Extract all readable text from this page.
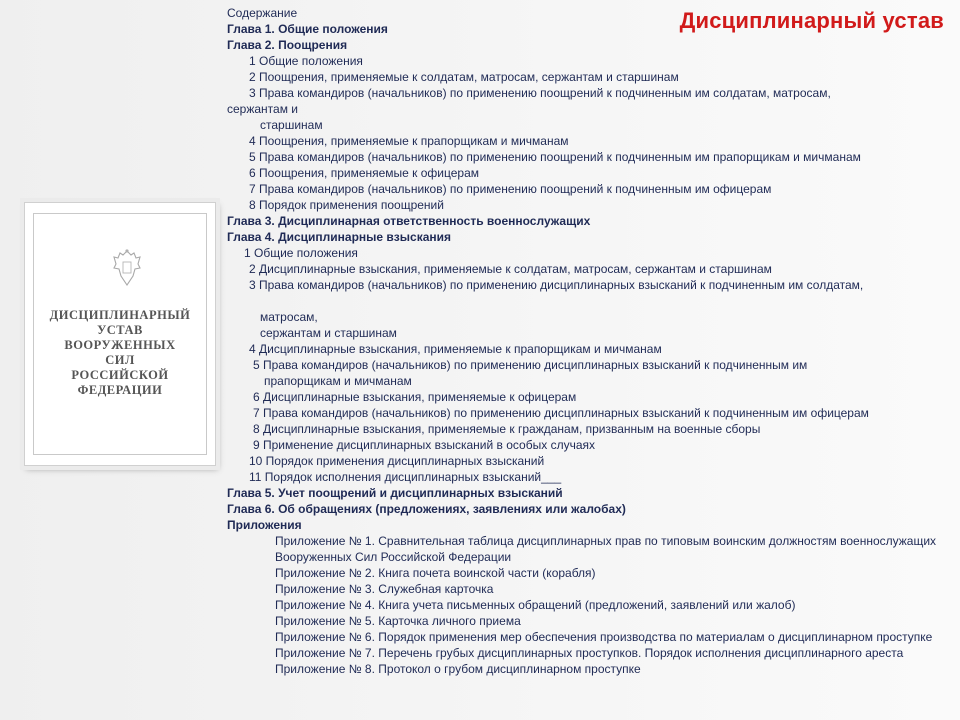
Дисциплинарный устав
ДИСЦИПЛИНАРНЫЙ
УСТАВ
ВООРУЖЕННЫХ
СИЛ
РОССИЙСКОЙ
ФЕДЕРАЦИИ
Содержание
Глава 1. Общие положения
Глава 2. Поощрения
1 Общие положения
2 Поощрения, применяемые к солдатам, матросам, сержантам и старшинам
3 Права командиров (начальников) по применению поощрений к подчиненным им солдатам, матросам,
сержантам и
старшинам
4 Поощрения, применяемые к прапорщикам и мичманам
5 Права командиров (начальников) по применению поощрений к подчиненным им прапорщикам и мичманам
6 Поощрения, применяемые к офицерам
7 Права командиров (начальников) по применению поощрений к подчиненным им офицерам
8 Порядок применения поощрений
Глава 3. Дисциплинарная ответственность военнослужащих
Глава 4. Дисциплинарные взыскания
1 Общие положения
2 Дисциплинарные взыскания, применяемые к солдатам, матросам, сержантам и старшинам
3 Права командиров (начальников) по применению дисциплинарных взысканий к подчиненным им солдатам,
матросам,
сержантам и старшинам
4 Дисциплинарные взыскания, применяемые к прапорщикам и мичманам
5 Права командиров (начальников) по применению дисциплинарных взысканий к подчиненным им
прапорщикам и мичманам
6 Дисциплинарные взыскания, применяемые к офицерам
7 Права командиров (начальников) по применению дисциплинарных взысканий к подчиненным им офицерам
8 Дисциплинарные взыскания, применяемые к гражданам, призванным на военные сборы
9 Применение дисциплинарных взысканий в особых случаях
10 Порядок применения дисциплинарных взысканий
11 Порядок исполнения дисциплинарных взысканий___
Глава 5. Учет поощрений и дисциплинарных взысканий
Глава 6. Об обращениях (предложениях, заявлениях или жалобах)
Приложения
Приложение № 1. Сравнительная таблица дисциплинарных прав по типовым воинским должностям военнослужащих Вооруженных Сил Российской Федерации
Приложение № 2. Книга почета воинской части (корабля)
Приложение № 3. Служебная карточка
Приложение № 4. Книга учета письменных обращений (предложений, заявлений или жалоб)
Приложение № 5. Карточка личного приема
Приложение № 6. Порядок применения мер обеспечения производства по материалам о дисциплинарном проступке
Приложение № 7. Перечень грубых дисциплинарных проступков. Порядок исполнения дисциплинарного ареста
Приложение № 8. Протокол о грубом дисциплинарном проступке
